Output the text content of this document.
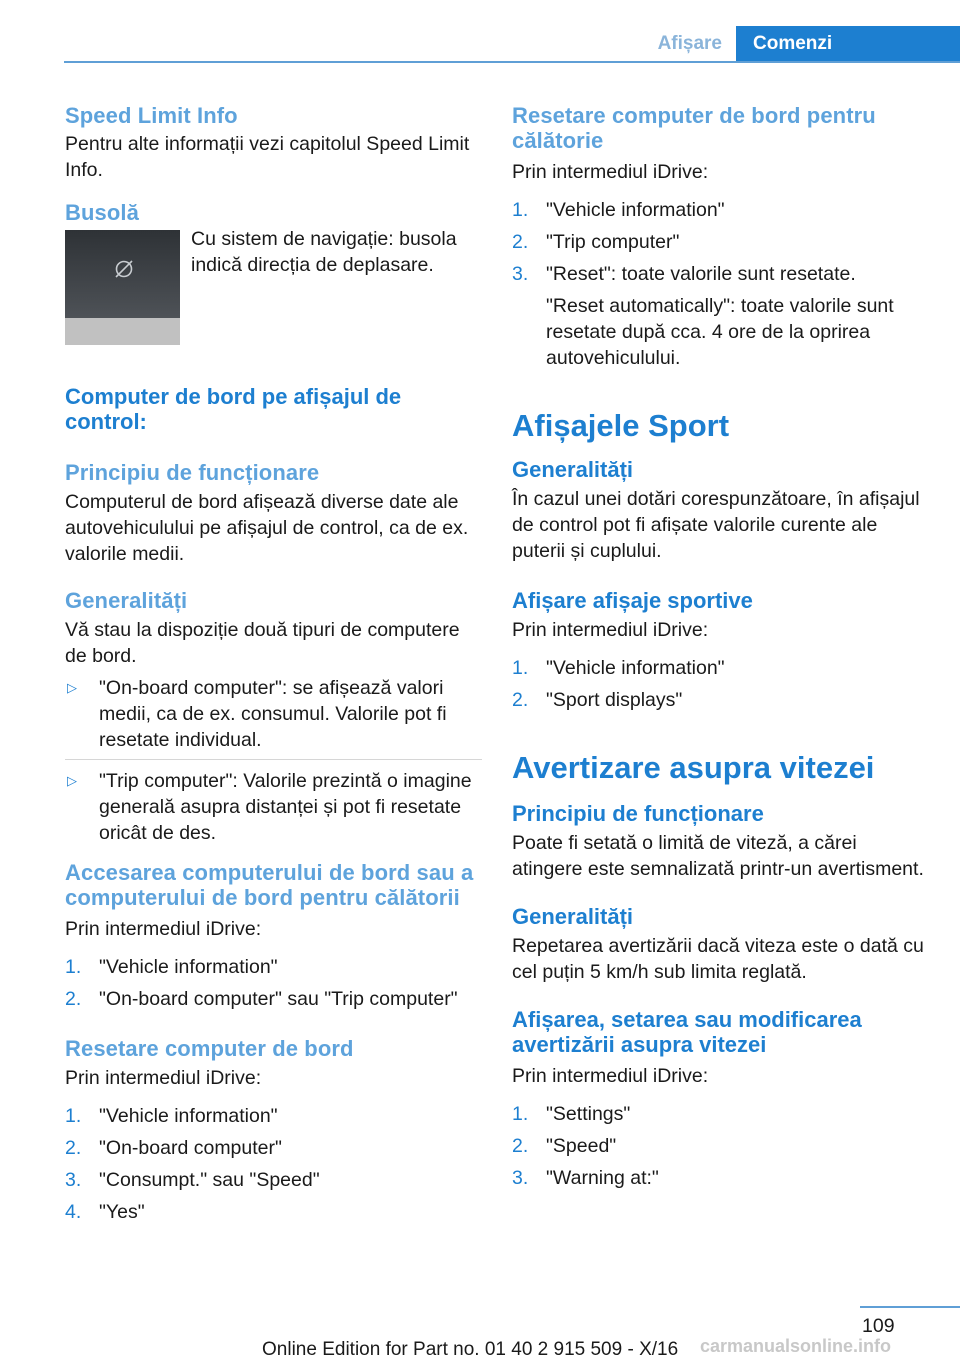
Afișare	Comenzi
Speed Limit Info

Pentru alte informații vezi capitolul Speed Limit Info.

Busolă
Cu sistem de navigație: busola indică direcția de deplasare.
Computer de bord pe afișajul de control:
Principiu de funcționare

Computerul de bord afișează diverse date ale autovehiculului pe afișajul de control, ca de ex. valorile medii.

Generalități

Vă stau la dispoziție două tipuri de computere de bord.

▷ "On-board computer": se afișează valori medii, ca de ex. consumul. Valorile pot fi resetate individual.
▷ "Trip computer": Valorile prezintă o imagine generală asupra distanței și pot fi resetate oricât de des.
Accesarea computerului de bord sau a computerului de bord pentru călătorii

Prin intermediul iDrive:

1. "Vehicle information"
2. "On-board computer" sau "Trip computer"
Resetare computer de bord

Prin intermediul iDrive:

1. "Vehicle information"
2. "On-board computer"
3. "Consumpt." sau "Speed"
4. "Yes"
Resetare computer de bord pentru călătorie

Prin intermediul iDrive:

1. "Vehicle information"
2. "Trip computer"
3. "Reset": toate valorile sunt resetate.
"Reset automatically": toate valorile sunt resetate după cca. 4 ore de la oprirea autovehiculului.
Afișajele Sport
Generalități

În cazul unei dotări corespunzătoare, în afișajul de control pot fi afișate valorile curente ale puterii și cuplului.

Afișare afișaje sportive

Prin intermediul iDrive:

1. "Vehicle information"
2. "Sport displays"
Avertizare asupra vitezei
Principiu de funcționare

Poate fi setată o limită de viteză, a cărei atingere este semnalizată printr-un avertisment.

Generalități

Repetarea avertizării dacă viteza este o dată cu cel puțin 5 km/h sub limita reglată.

Afișarea, setarea sau modificarea avertizării asupra vitezei

Prin intermediul iDrive:

1. "Settings"
2. "Speed"
3. "Warning at:"
109
Online Edition for Part no. 01 40 2 915 509 - X/16 carmanualsonline.info
